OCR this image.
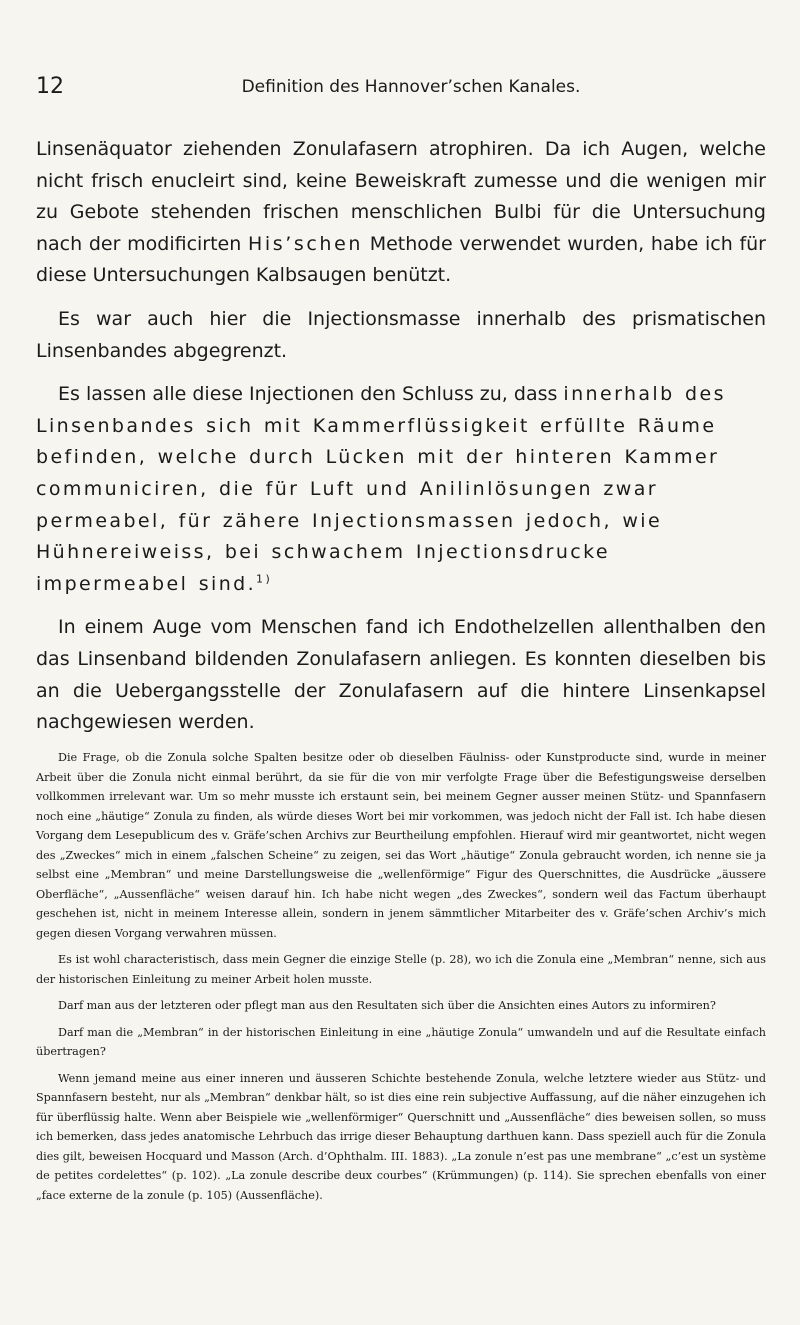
12	Definition des Hannover’schen Kanales.

Linsenäquator ziehenden Zonulafasern atrophiren. Da ich Augen, welche nicht frisch enucleirt sind, keine Beweiskraft zumesse und die wenigen mir zu Gebote stehenden frischen menschlichen Bulbi für die Untersuchung nach der modificirten His’schen Methode verwendet wurden, habe ich für diese Untersuchungen Kalbsaugen benützt.

Es war auch hier die Injectionsmasse innerhalb des prismatischen Linsenbandes abgegrenzt.

Es lassen alle diese Injectionen den Schluss zu, dass innerhalb des Linsenbandes sich mit Kammerflüssigkeit erfüllte Räume befinden, welche durch Lücken mit der hinteren Kammer communiciren, die für Luft und Anilinlösungen zwar permeabel, für zähere Injectionsmassen jedoch, wie Hühnereiweiss, bei schwachem Injectionsdrucke impermeabel sind.$^{1)}$

In einem Auge vom Menschen fand ich Endothelzellen allenthalben den das Linsenband bildenden Zonulafasern anliegen. Es konnten dieselben bis an die Uebergangsstelle der Zonulafasern auf die hintere Linsenkapsel nachgewiesen werden.

Die Frage, ob die Zonula solche Spalten besitze oder ob dieselben Fäulniss- oder Kunstproducte sind, wurde in meiner Arbeit über die Zonula nicht einmal berührt, da sie für die von mir verfolgte Frage über die Befestigungsweise derselben vollkommen irrelevant war. Um so mehr musste ich erstaunt sein, bei meinem Gegner ausser meinen Stütz- und Spannfasern noch eine „häutige“ Zonula zu finden, als würde dieses Wort bei mir vorkommen, was jedoch nicht der Fall ist. Ich habe diesen Vorgang dem Lesepublicum des v. Gräfe’schen Archivs zur Beurtheilung empfohlen. Hierauf wird mir geantwortet, nicht wegen des „Zweckes“ mich in einem „falschen Scheine“ zu zeigen, sei das Wort „häutige“ Zonula gebraucht worden, ich nenne sie ja selbst eine „Membran“ und meine Darstellungsweise die „wellenförmige“ Figur des Querschnittes, die Ausdrücke „äussere Oberfläche“, „Aussenfläche“ weisen darauf hin. Ich habe nicht wegen „des Zweckes“, sondern weil das Factum überhaupt geschehen ist, nicht in meinem Interesse allein, sondern in jenem sämmtlicher Mitarbeiter des v. Gräfe’schen Archiv’s mich gegen diesen Vorgang verwahren müssen.

Es ist wohl characteristisch, dass mein Gegner die einzige Stelle (p. 28), wo ich die Zonula eine „Membran“ nenne, sich aus der historischen Einleitung zu meiner Arbeit holen musste.

Darf man aus der letzteren oder pflegt man aus den Resultaten sich über die Ansichten eines Autors zu informiren?

Darf man die „Membran“ in der historischen Einleitung in eine „häutige Zonula“ umwandeln und auf die Resultate einfach übertragen?

Wenn jemand meine aus einer inneren und äusseren Schichte bestehende Zonula, welche letztere wieder aus Stütz- und Spannfasern besteht, nur als „Membran“ denkbar hält, so ist dies eine rein subjective Auffassung, auf die näher einzugehen ich für überflüssig halte. Wenn aber Beispiele wie „wellenförmiger“ Querschnitt und „Aussenfläche“ dies beweisen sollen, so muss ich bemerken, dass jedes anatomische Lehrbuch das irrige dieser Behauptung darthuen kann. Dass speziell auch für die Zonula dies gilt, beweisen Hocquard und Masson (Arch. d’Ophthalm. III. 1883). „La zonule n’est pas une membrane“ „c’est un système de petites cordelettes“ (p. 102). „La zonule describe deux courbes“ (Krümmungen) (p. 114). Sie sprechen ebenfalls von einer „face externe de la zonule (p. 105) (Aussenfläche).
